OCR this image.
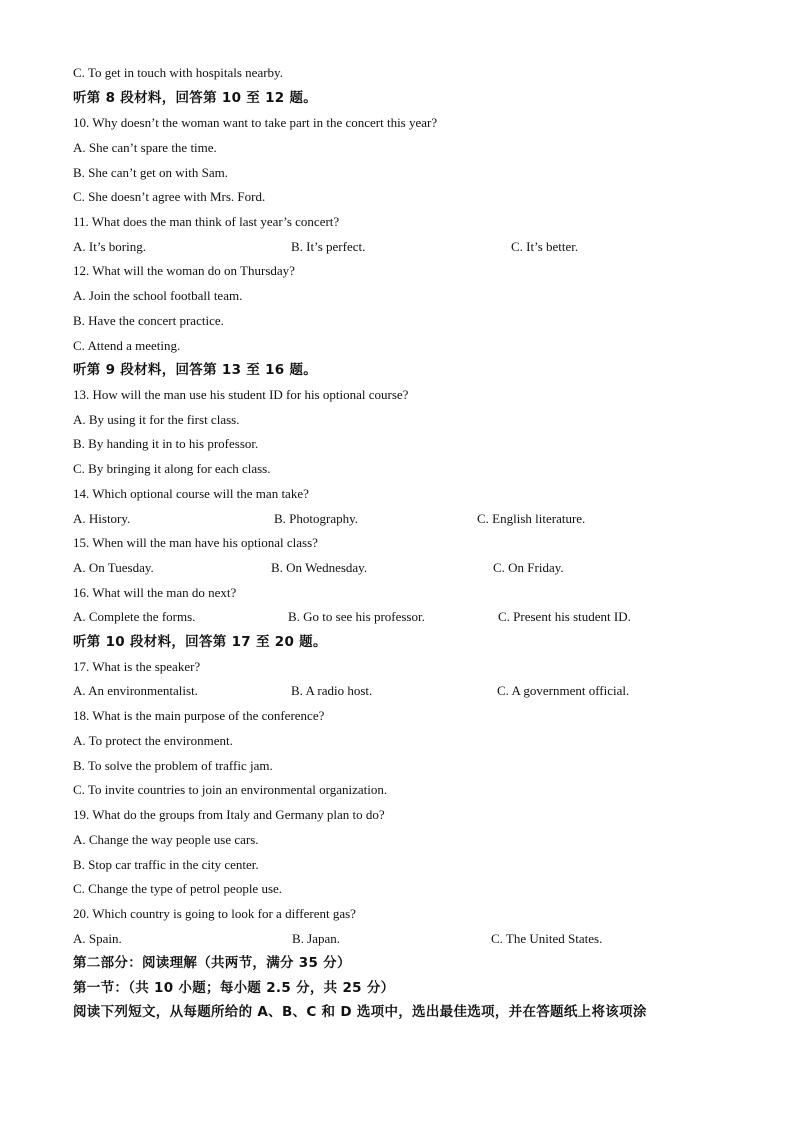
C. To get in touch with hospitals nearby.
听第 8 段材料，回答第 10 至 12 题。
10. Why doesn’t the woman want to take part in the concert this year?
A. She can’t spare the time.
B. She can’t get on with Sam.
C. She doesn’t agree with Mrs. Ford.
11. What does the man think of last year’s concert?
A. It’s boring.	B. It’s perfect.	C. It’s better.
12. What will the woman do on Thursday?
A. Join the school football team.
B. Have the concert practice.
C. Attend a meeting.
听第 9 段材料，回答第 13 至 16 题。
13. How will the man use his student ID for his optional course?
A. By using it for the first class.
B. By handing it in to his professor.
C. By bringing it along for each class.
14. Which optional course will the man take?
A. History.	B. Photography.	C. English literature.
15. When will the man have his optional class?
A. On Tuesday.	B. On Wednesday.	C. On Friday.
16. What will the man do next?
A. Complete the forms.	B. Go to see his professor.	C. Present his student ID.
听第 10 段材料，回答第 17 至 20 题。
17. What is the speaker?
A. An environmentalist.	B. A radio host.	C. A government official.
18. What is the main purpose of the conference?
A. To protect the environment.
B. To solve the problem of traffic jam.
C. To invite countries to join an environmental organization.
19. What do the groups from Italy and Germany plan to do?
A. Change the way people use cars.
B. Stop car traffic in the city center.
C. Change the type of petrol people use.
20. Which country is going to look for a different gas?
A. Spain.	B. Japan.	C. The United States.
第二部分：阅读理解（共两节，满分 35 分）
第一节：（共 10 小题；每小题 2.5 分，共 25 分）
阅读下列短文，从每题所给的 A、B、C 和 D 选项中，选出最佳选项，并在答题纸上将该项涂
